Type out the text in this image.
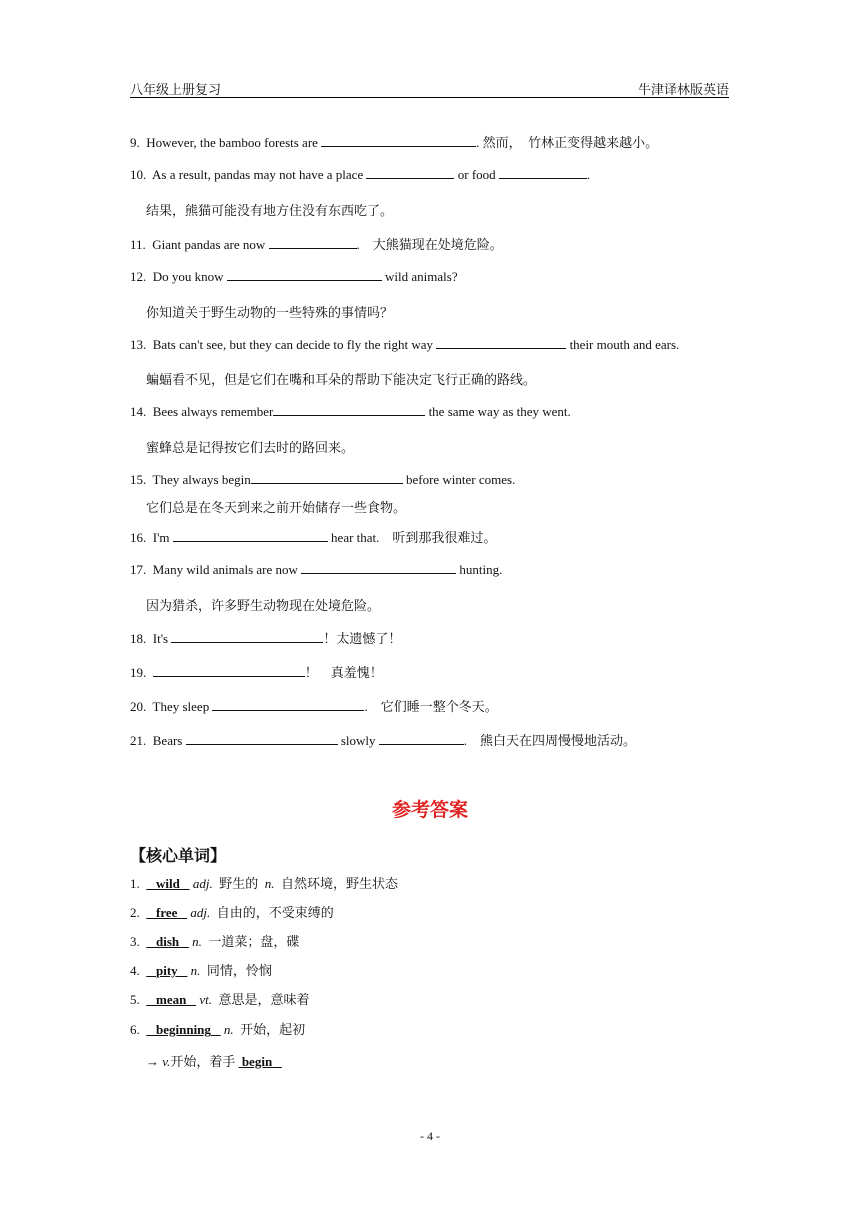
八年级上册复习	牛津译林版英语
9. However, the bamboo forests are	. 然而，　竹林正变得越来越小。
10. As a result, pandas may not have a place	or food	.
结果，熊猫可能没有地方住没有东西吃了。
11. Giant pandas are now	.　大熊猫现在处境危险。
12. Do you know	wild animals?
你知道关于野生动物的一些特殊的事情吗？
13. Bats can't see, but they can decide to fly the right way	their mouth and ears.
蝙蝠看不见，但是它们在嘴和耳朵的帮助下能决定飞行正确的路线。
14. Bees always remember	the same way as they went.
蜜蜂总是记得按它们去时的路回来。
15. They always begin	before winter comes.
它们总是在冬天到来之前开始储存一些食物。
16. I'm	hear that.　听到那我很难过。
17. Many wild animals are now	hunting.
因为猎杀，许多野生动物现在处境危险。
18. It's	！太遗憾了！
19.	！　真羞愧！
20. They sleep	.　它们睡一整个冬天。
21. Bears	slowly	.　熊白天在四周慢慢地活动。
参考答案
【核心单词】
1. wild adj. 野生的 n. 自然环境，野生状态
2. free adj. 自由的，不受束缚的
3. dish n. 一道菜；盘，碟
4. pity n. 同情，怜悯
5. mean vt. 意思是，意味着
6. beginning n. 开始，起初
→ v.开始，着手 begin
- 4 -
